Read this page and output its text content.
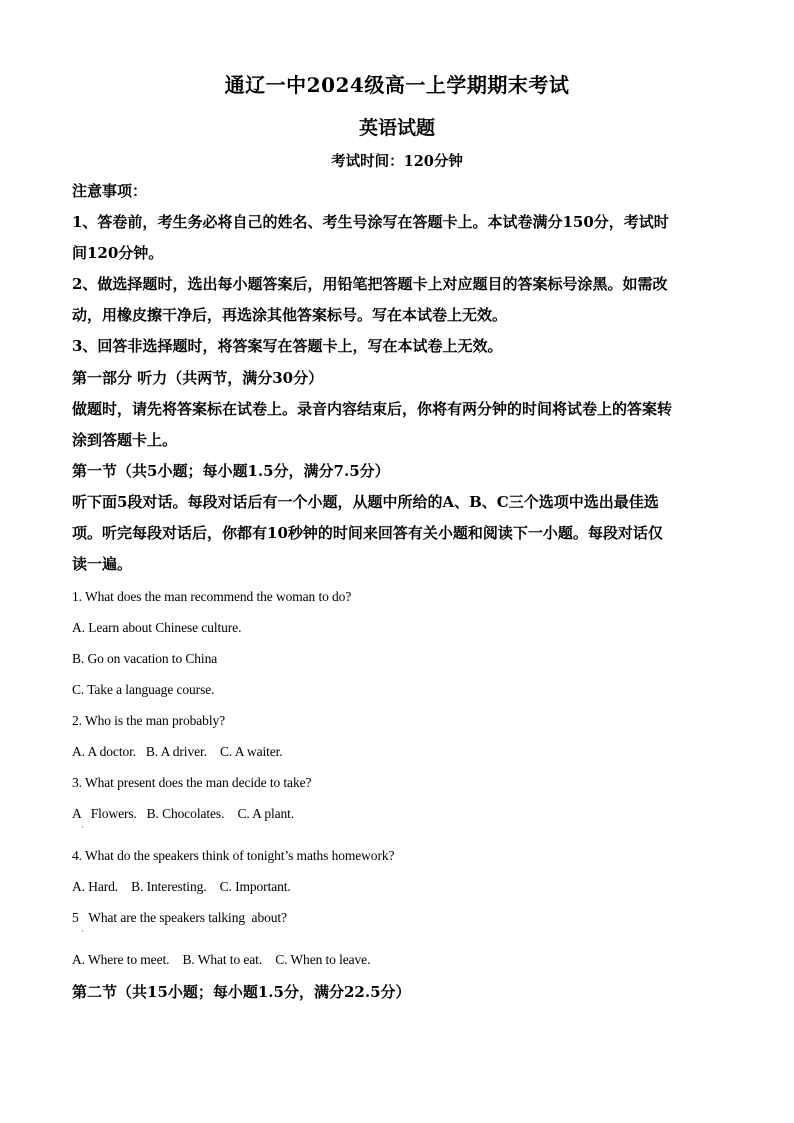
通辽一中2024级高一上学期期末考试
英语试题
考试时间：120分钟
注意事项：
1、答卷前，考生务必将自己的姓名、考生号涂写在答题卡上。本试卷满分150分，考试时
间120分钟。
2、做选择题时，选出每小题答案后，用铅笔把答题卡上对应题目的答案标号涂黑。如需改
动，用橡皮擦干净后，再选涂其他答案标号。写在本试卷上无效。
3、回答非选择题时，将答案写在答题卡上，写在本试卷上无效。
第一部分 听力（共两节，满分30分）
做题时，请先将答案标在试卷上。录音内容结束后，你将有两分钟的时间将试卷上的答案转
涂到答题卡上。
第一节（共5小题；每小题1.5分，满分7.5分）
听下面5段对话。每段对话后有一个小题，从题中所给的A、B、C三个选项中选出最佳选
项。听完每段对话后，你都有10秒钟的时间来回答有关小题和阅读下一小题。每段对话仅
读一遍。
1. What does the man recommend the woman to do?
A. Learn about Chinese culture.
B. Go on vacation to China
C. Take a language course.
2. Who is the man probably?
A. A doctor.   B. A driver.    C. A waiter.
3. What present does the man decide to take?
A   Flowers.   B. Chocolates.    C. A plant.
·
4. What do the speakers think of tonight’s maths homework?
A. Hard.    B. Interesting.    C. Important.
5   What are the speakers talking  about?
·
A. Where to meet.    B. What to eat.    C. When to leave.
第二节（共15小题；每小题1.5分，满分22.5分）
